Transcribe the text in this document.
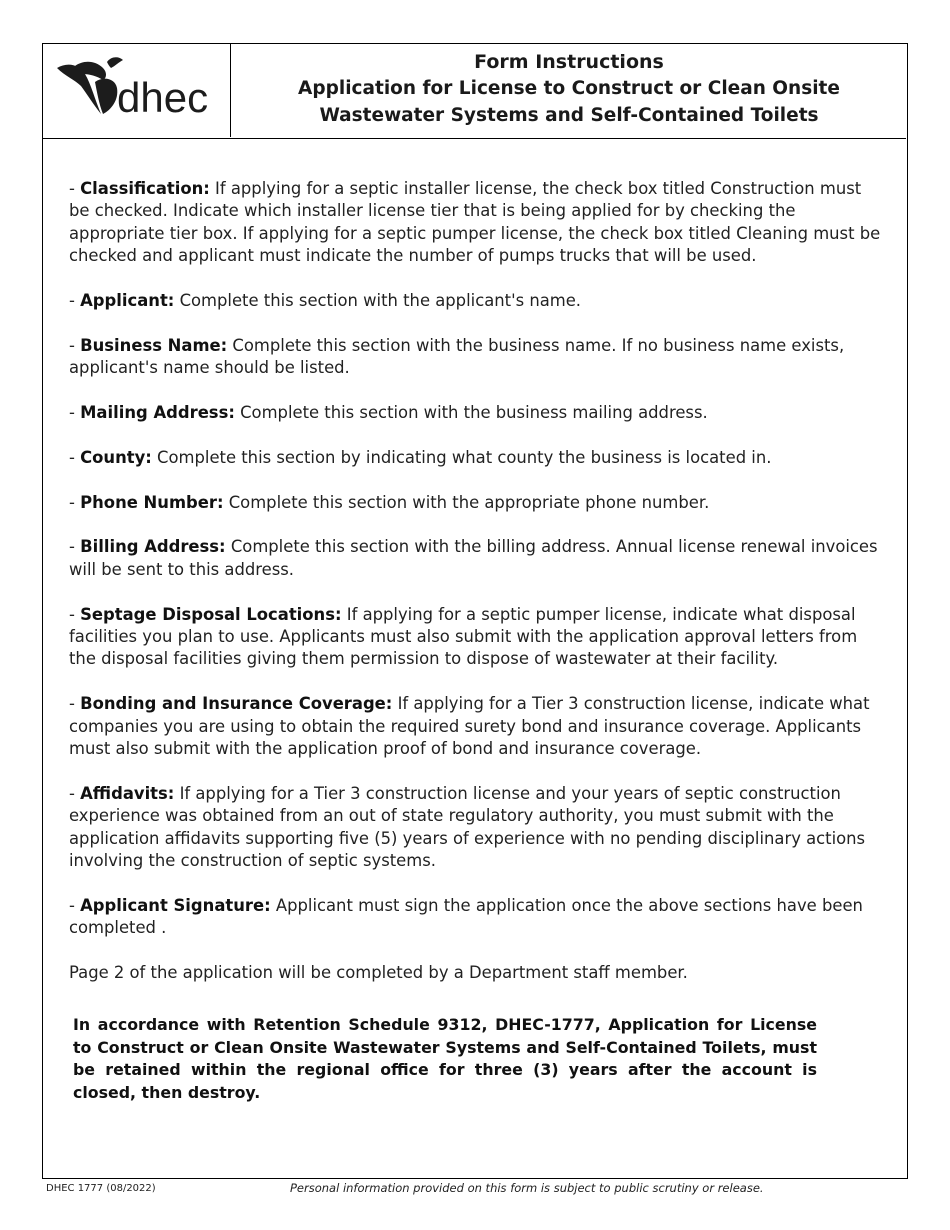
dhec
Form Instructions
Application for License to Construct or Clean Onsite
Wastewater Systems and Self-Contained Toilets
- Classification: If applying for a septic installer license, the check box titled Construction must be checked. Indicate which installer license tier that is being applied for by checking the appropriate tier box. If applying for a septic pumper license, the check box titled Cleaning must be checked and applicant must indicate the number of pumps trucks that will be used.
- Applicant: Complete this section with the applicant's name.
- Business Name: Complete this section with the business name. If no business name exists, applicant's name should be listed.
- Mailing Address: Complete this section with the business mailing address.
- County: Complete this section by indicating what county the business is located in.
- Phone Number: Complete this section with the appropriate phone number.
- Billing Address: Complete this section with the billing address. Annual license renewal invoices will be sent to this address.
- Septage Disposal Locations: If applying for a septic pumper license, indicate what disposal facilities you plan to use. Applicants must also submit with the application approval letters from the disposal facilities giving them permission to dispose of wastewater at their facility.
- Bonding and Insurance Coverage: If applying for a Tier 3 construction license, indicate what companies you are using to obtain the required surety bond and insurance coverage. Applicants must also submit with the application proof of bond and insurance coverage.
- Affidavits: If applying for a Tier 3 construction license and your years of septic construction experience was obtained from an out of state regulatory authority, you must submit with the application affidavits supporting five (5) years of experience with no pending disciplinary actions involving the construction of septic systems.
- Applicant Signature: Applicant must sign the application once the above sections have been completed .
Page 2 of the application will be completed by a Department staff member.
In accordance with Retention Schedule 9312, DHEC-1777, Application for License to Construct or Clean Onsite Wastewater Systems and Self-Contained Toilets, must be retained within the regional office for three (3) years after the account is closed, then destroy.
DHEC 1777 (08/2022)	Personal information provided on this form is subject to public scrutiny or release.
